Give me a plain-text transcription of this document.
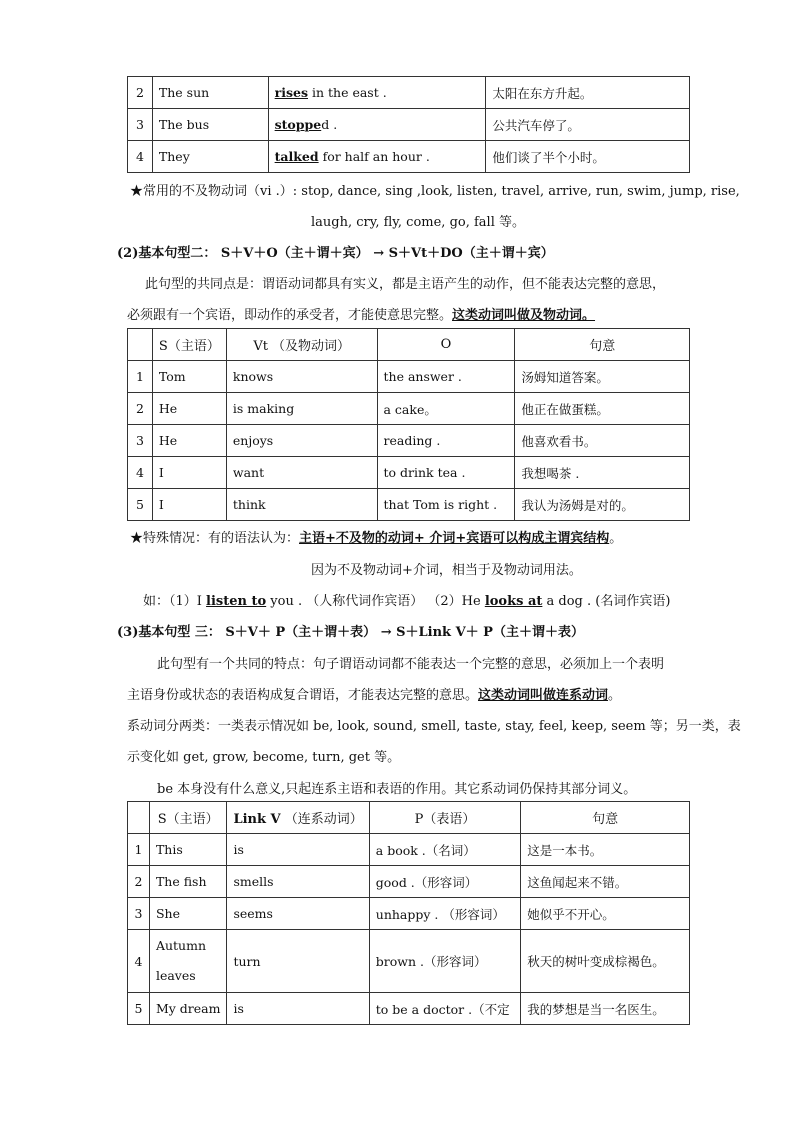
2	The sun	rises in the east .	太阳在东方升起。
3	The bus	stopped .	公共汽车停了。
4	They	talked for half an hour .	他们谈了半个小时。
★常用的不及物动词（vi .）: stop, dance, sing ,look, listen, travel, arrive, run, swim, jump, rise,
laugh, cry, fly, come, go, fall 等。
(2)基本句型二： S＋V＋O（主＋谓＋宾） → S＋Vt＋DO（主＋谓＋宾）
此句型的共同点是：谓语动词都具有实义，都是主语产生的动作，但不能表达完整的意思，
必须跟有一个宾语，即动作的承受者，才能使意思完整。这类动词叫做及物动词。
	S（主语）	Vt （及物动词）	O	句意
1	Tom	knows	the answer .	汤姆知道答案。
2	He	is making	a cake。	他正在做蛋糕。
3	He	enjoys	reading .	他喜欢看书。
4	I	want	to drink tea .	我想喝茶 .
5	I	think	that Tom is right .	我认为汤姆是对的。
★特殊情况：有的语法认为：主语+不及物的动词+ 介词+宾语可以构成主谓宾结构。
因为不及物动词+介词，相当于及物动词用法。
如：（1）I listen to you . （人称代词作宾语） （2）He looks at a dog . (名词作宾语)
(3)基本句型 三： S＋V＋ P（主＋谓＋表） → S＋Link V＋ P（主＋谓＋表）
此句型有一个共同的特点：句子谓语动词都不能表达一个完整的意思，必须加上一个表明
主语身份或状态的表语构成复合谓语，才能表达完整的意思。这类动词叫做连系动词。
系动词分两类：一类表示情况如 be, look, sound, smell, taste, stay, feel, keep, seem 等；另一类，表
示变化如 get, grow, become, turn, get 等。
be 本身没有什么意义,只起连系主语和表语的作用。其它系动词仍保持其部分词义。
	S（主语）	Link V （连系动词）	P（表语）	句意
1	This	is	a book .（名词）	这是一本书。
2	The fish	smells	good .（形容词）	这鱼闻起来不错。
3	She	seems	unhappy . （形容词）	她似乎不开心。
4	Autumn
leaves	turn	brown .（形容词）	秋天的树叶变成棕褐色。
5	My dream	is	to be a doctor .（不定	我的梦想是当一名医生。
